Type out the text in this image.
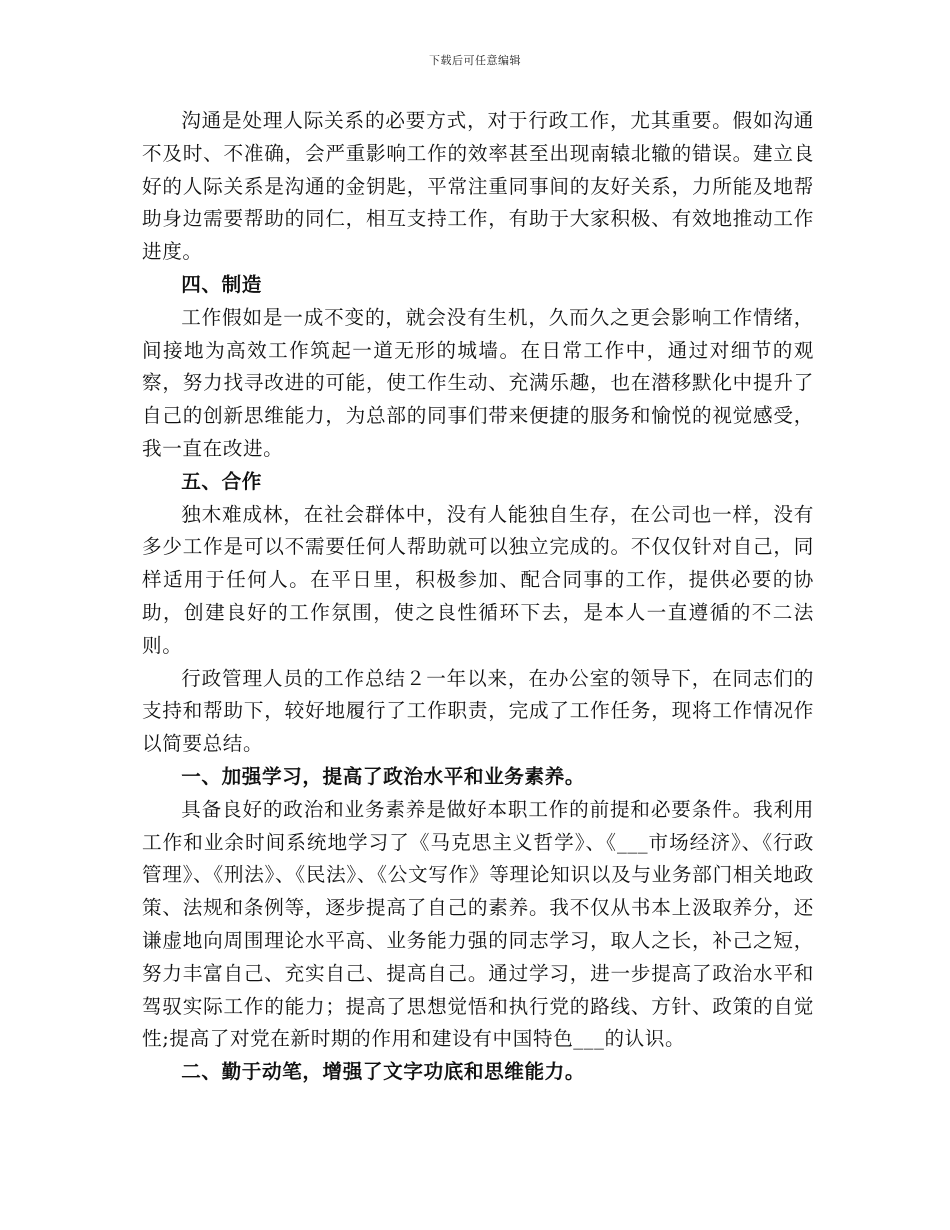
下载后可任意编辑

沟通是处理人际关系的必要方式，对于行政工作，尤其重要。假如沟通不及时、不准确，会严重影响工作的效率甚至出现南辕北辙的错误。建立良好的人际关系是沟通的金钥匙，平常注重同事间的友好关系，力所能及地帮助身边需要帮助的同仁，相互支持工作，有助于大家积极、有效地推动工作进度。

四、制造

工作假如是一成不变的，就会没有生机，久而久之更会影响工作情绪，间接地为高效工作筑起一道无形的城墙。在日常工作中，通过对细节的观察，努力找寻改进的可能，使工作生动、充满乐趣，也在潜移默化中提升了自己的创新思维能力，为总部的同事们带来便捷的服务和愉悦的视觉感受，我一直在改进。

五、合作

独木难成林，在社会群体中，没有人能独自生存，在公司也一样，没有多少工作是可以不需要任何人帮助就可以独立完成的。不仅仅针对自己，同样适用于任何人。在平日里，积极参加、配合同事的工作，提供必要的协助，创建良好的工作氛围，使之良性循环下去，是本人一直遵循的不二法则。

行政管理人员的工作总结２一年以来，在办公室的领导下，在同志们的支持和帮助下，较好地履行了工作职责，完成了工作任务，现将工作情况作以简要总结。

一、加强学习，提高了政治水平和业务素养。

具备良好的政治和业务素养是做好本职工作的前提和必要条件。我利用工作和业余时间系统地学习了《马克思主义哲学》、《___市场经济》、《行政管理》、《刑法》、《民法》、《公文写作》等理论知识以及与业务部门相关地政策、法规和条例等，逐步提高了自己的素养。我不仅从书本上汲取养分，还谦虚地向周围理论水平高、业务能力强的同志学习，取人之长，补己之短，努力丰富自己、充实自己、提高自己。通过学习，进一步提高了政治水平和驾驭实际工作的能力；提高了思想觉悟和执行党的路线、方针、政策的自觉性;提高了对党在新时期的作用和建设有中国特色___的认识。

二、勤于动笔，增强了文字功底和思维能力。
